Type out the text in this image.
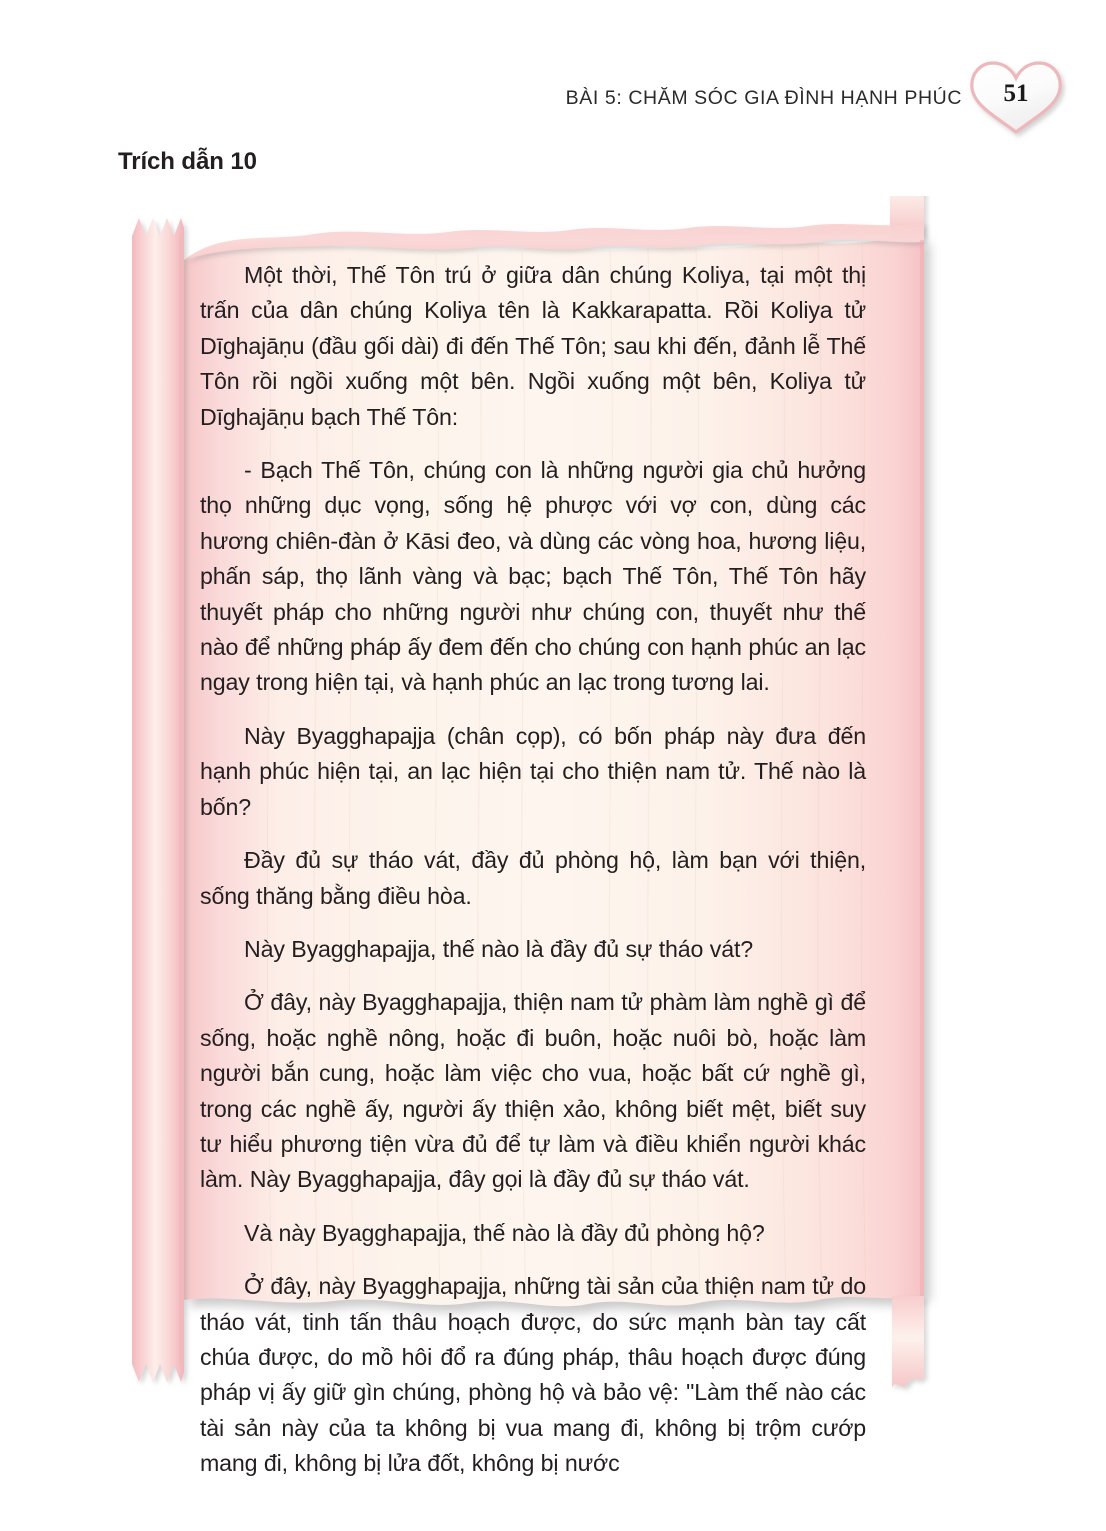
BÀI 5: CHĂM SÓC GIA ĐÌNH HẠNH PHÚC	51
Trích dẫn 10

Một thời, Thế Tôn trú ở giữa dân chúng Koliya, tại một thị trấn của dân chúng Koliya tên là Kakkarapatta. Rồi Koliya tử Dīghajāṇu (đầu gối dài) đi đến Thế Tôn; sau khi đến, đảnh lễ Thế Tôn rồi ngồi xuống một bên. Ngồi xuống một bên, Koliya tử Dīghajāṇu bạch Thế Tôn:

- Bạch Thế Tôn, chúng con là những người gia chủ hưởng thọ những dục vọng, sống hệ phược với vợ con, dùng các hương chiên-đàn ở Kāsi đeo, và dùng các vòng hoa, hương liệu, phấn sáp, thọ lãnh vàng và bạc; bạch Thế Tôn, Thế Tôn hãy thuyết pháp cho những người như chúng con, thuyết như thế nào để những pháp ấy đem đến cho chúng con hạnh phúc an lạc ngay trong hiện tại, và hạnh phúc an lạc trong tương lai.

Này Byagghapajja (chân cọp), có bốn pháp này đưa đến hạnh phúc hiện tại, an lạc hiện tại cho thiện nam tử. Thế nào là bốn?

Đầy đủ sự tháo vát, đầy đủ phòng hộ, làm bạn với thiện, sống thăng bằng điều hòa.

Này Byagghapajja, thế nào là đầy đủ sự tháo vát?

Ở đây, này Byagghapajja, thiện nam tử phàm làm nghề gì để sống, hoặc nghề nông, hoặc đi buôn, hoặc nuôi bò, hoặc làm người bắn cung, hoặc làm việc cho vua, hoặc bất cứ nghề gì, trong các nghề ấy, người ấy thiện xảo, không biết mệt, biết suy tư hiểu phương tiện vừa đủ để tự làm và điều khiển người khác làm. Này Byagghapajja, đây gọi là đầy đủ sự tháo vát.

Và này Byagghapajja, thế nào là đầy đủ phòng hộ?

Ở đây, này Byagghapajja, những tài sản của thiện nam tử do tháo vát, tinh tấn thâu hoạch được, do sức mạnh bàn tay cất chúa được, do mồ hôi đổ ra đúng pháp, thâu hoạch được đúng pháp vị ấy giữ gìn chúng, phòng hộ và bảo vệ: "Làm thế nào các tài sản này của ta không bị vua mang đi, không bị trộm cướp mang đi, không bị lửa đốt, không bị nước
